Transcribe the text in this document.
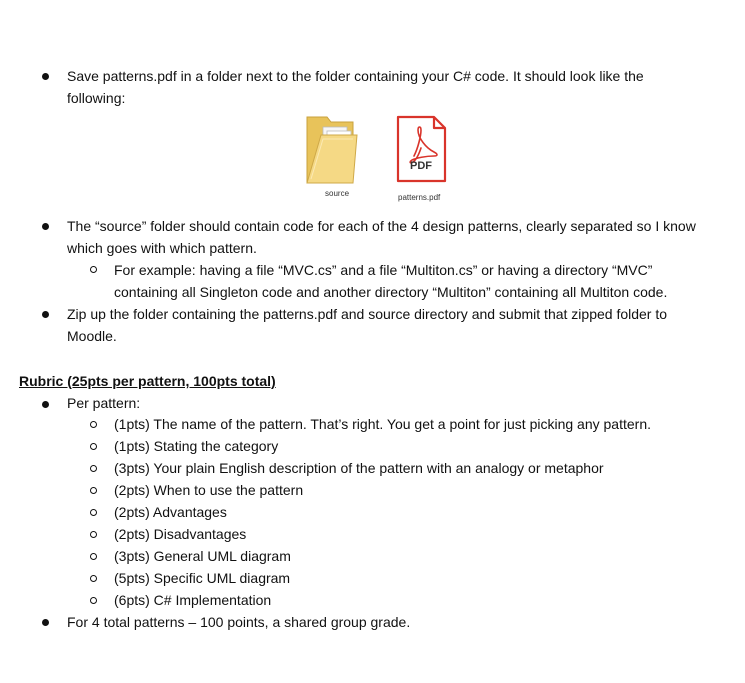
Save patterns.pdf in a folder next to the folder containing your C# code. It should look like the
following:
source
PDF
patterns.pdf
The “source” folder should contain code for each of the 4 design patterns, clearly separated so I know
which goes with which pattern.
For example: having a file “MVC.cs” and a file “Multiton.cs” or having a directory “MVC”
containing all Singleton code and another directory “Multiton” containing all Multiton code.
Zip up the folder containing the patterns.pdf and source directory and submit that zipped folder to
Moodle.
Rubric (25pts per pattern, 100pts total)
Per pattern:
(1pts) The name of the pattern. That’s right. You get a point for just picking any pattern.
(1pts) Stating the category
(3pts) Your plain English description of the pattern with an analogy or metaphor
(2pts) When to use the pattern
(2pts) Advantages
(2pts) Disadvantages
(3pts) General UML diagram
(5pts) Specific UML diagram
(6pts) C# Implementation
For 4 total patterns – 100 points, a shared group grade.
